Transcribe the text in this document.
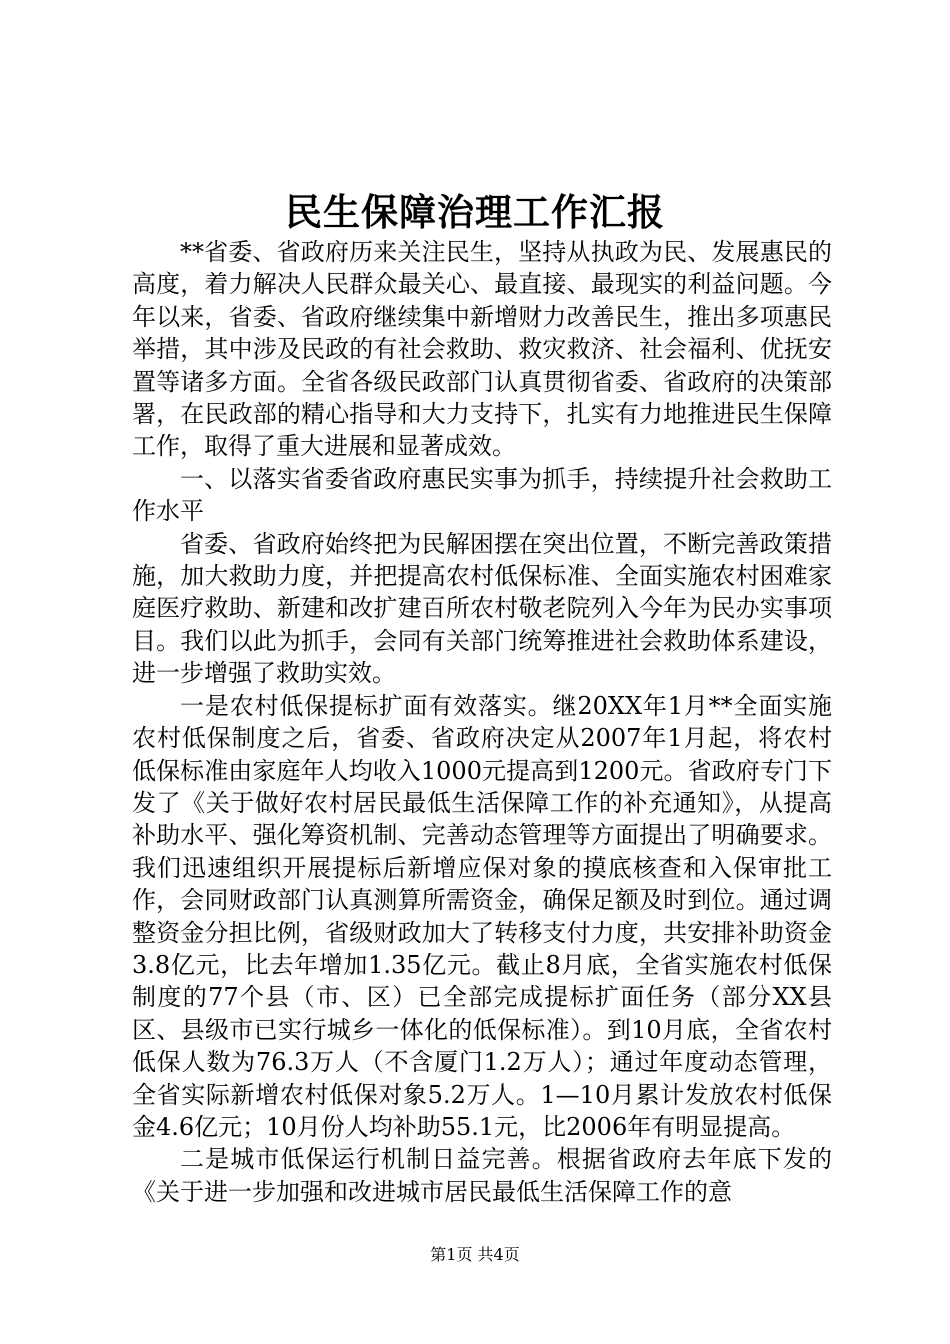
民生保障治理工作汇报

**省委、省政府历来关注民生，坚持从执政为民、发展惠民的高度，着力解决人民群众最关心、最直接、最现实的利益问题。今年以来，省委、省政府继续集中新增财力改善民生，推出多项惠民举措，其中涉及民政的有社会救助、救灾救济、社会福利、优抚安置等诸多方面。全省各级民政部门认真贯彻省委、省政府的决策部署，在民政部的精心指导和大力支持下，扎实有力地推进民生保障工作，取得了重大进展和显著成效。

一、以落实省委省政府惠民实事为抓手，持续提升社会救助工作水平

省委、省政府始终把为民解困摆在突出位置，不断完善政策措施，加大救助力度，并把提高农村低保标准、全面实施农村困难家庭医疗救助、新建和改扩建百所农村敬老院列入今年为民办实事项目。我们以此为抓手，会同有关部门统筹推进社会救助体系建设，进一步增强了救助实效。

一是农村低保提标扩面有效落实。继20XX年1月**全面实施农村低保制度之后，省委、省政府决定从2007年1月起，将农村低保标准由家庭年人均收入1000元提高到1200元。省政府专门下发了《关于做好农村居民最低生活保障工作的补充通知》，从提高补助水平、强化筹资机制、完善动态管理等方面提出了明确要求。我们迅速组织开展提标后新增应保对象的摸底核查和入保审批工作，会同财政部门认真测算所需资金，确保足额及时到位。通过调整资金分担比例，省级财政加大了转移支付力度，共安排补助资金3.8亿元，比去年增加1.35亿元。截止8月底，全省实施农村低保制度的77个县（市、区）已全部完成提标扩面任务（部分XX县区、县级市已实行城乡一体化的低保标准）。到10月底，全省农村低保人数为76.3万人（不含厦门1.2万人）；通过年度动态管理，全省实际新增农村低保对象5.2万人。1—10月累计发放农村低保金4.6亿元；10月份人均补助55.1元，比2006年有明显提高。

二是城市低保运行机制日益完善。根据省政府去年底下发的《关于进一步加强和改进城市居民最低生活保障工作的意

第1页 共4页
